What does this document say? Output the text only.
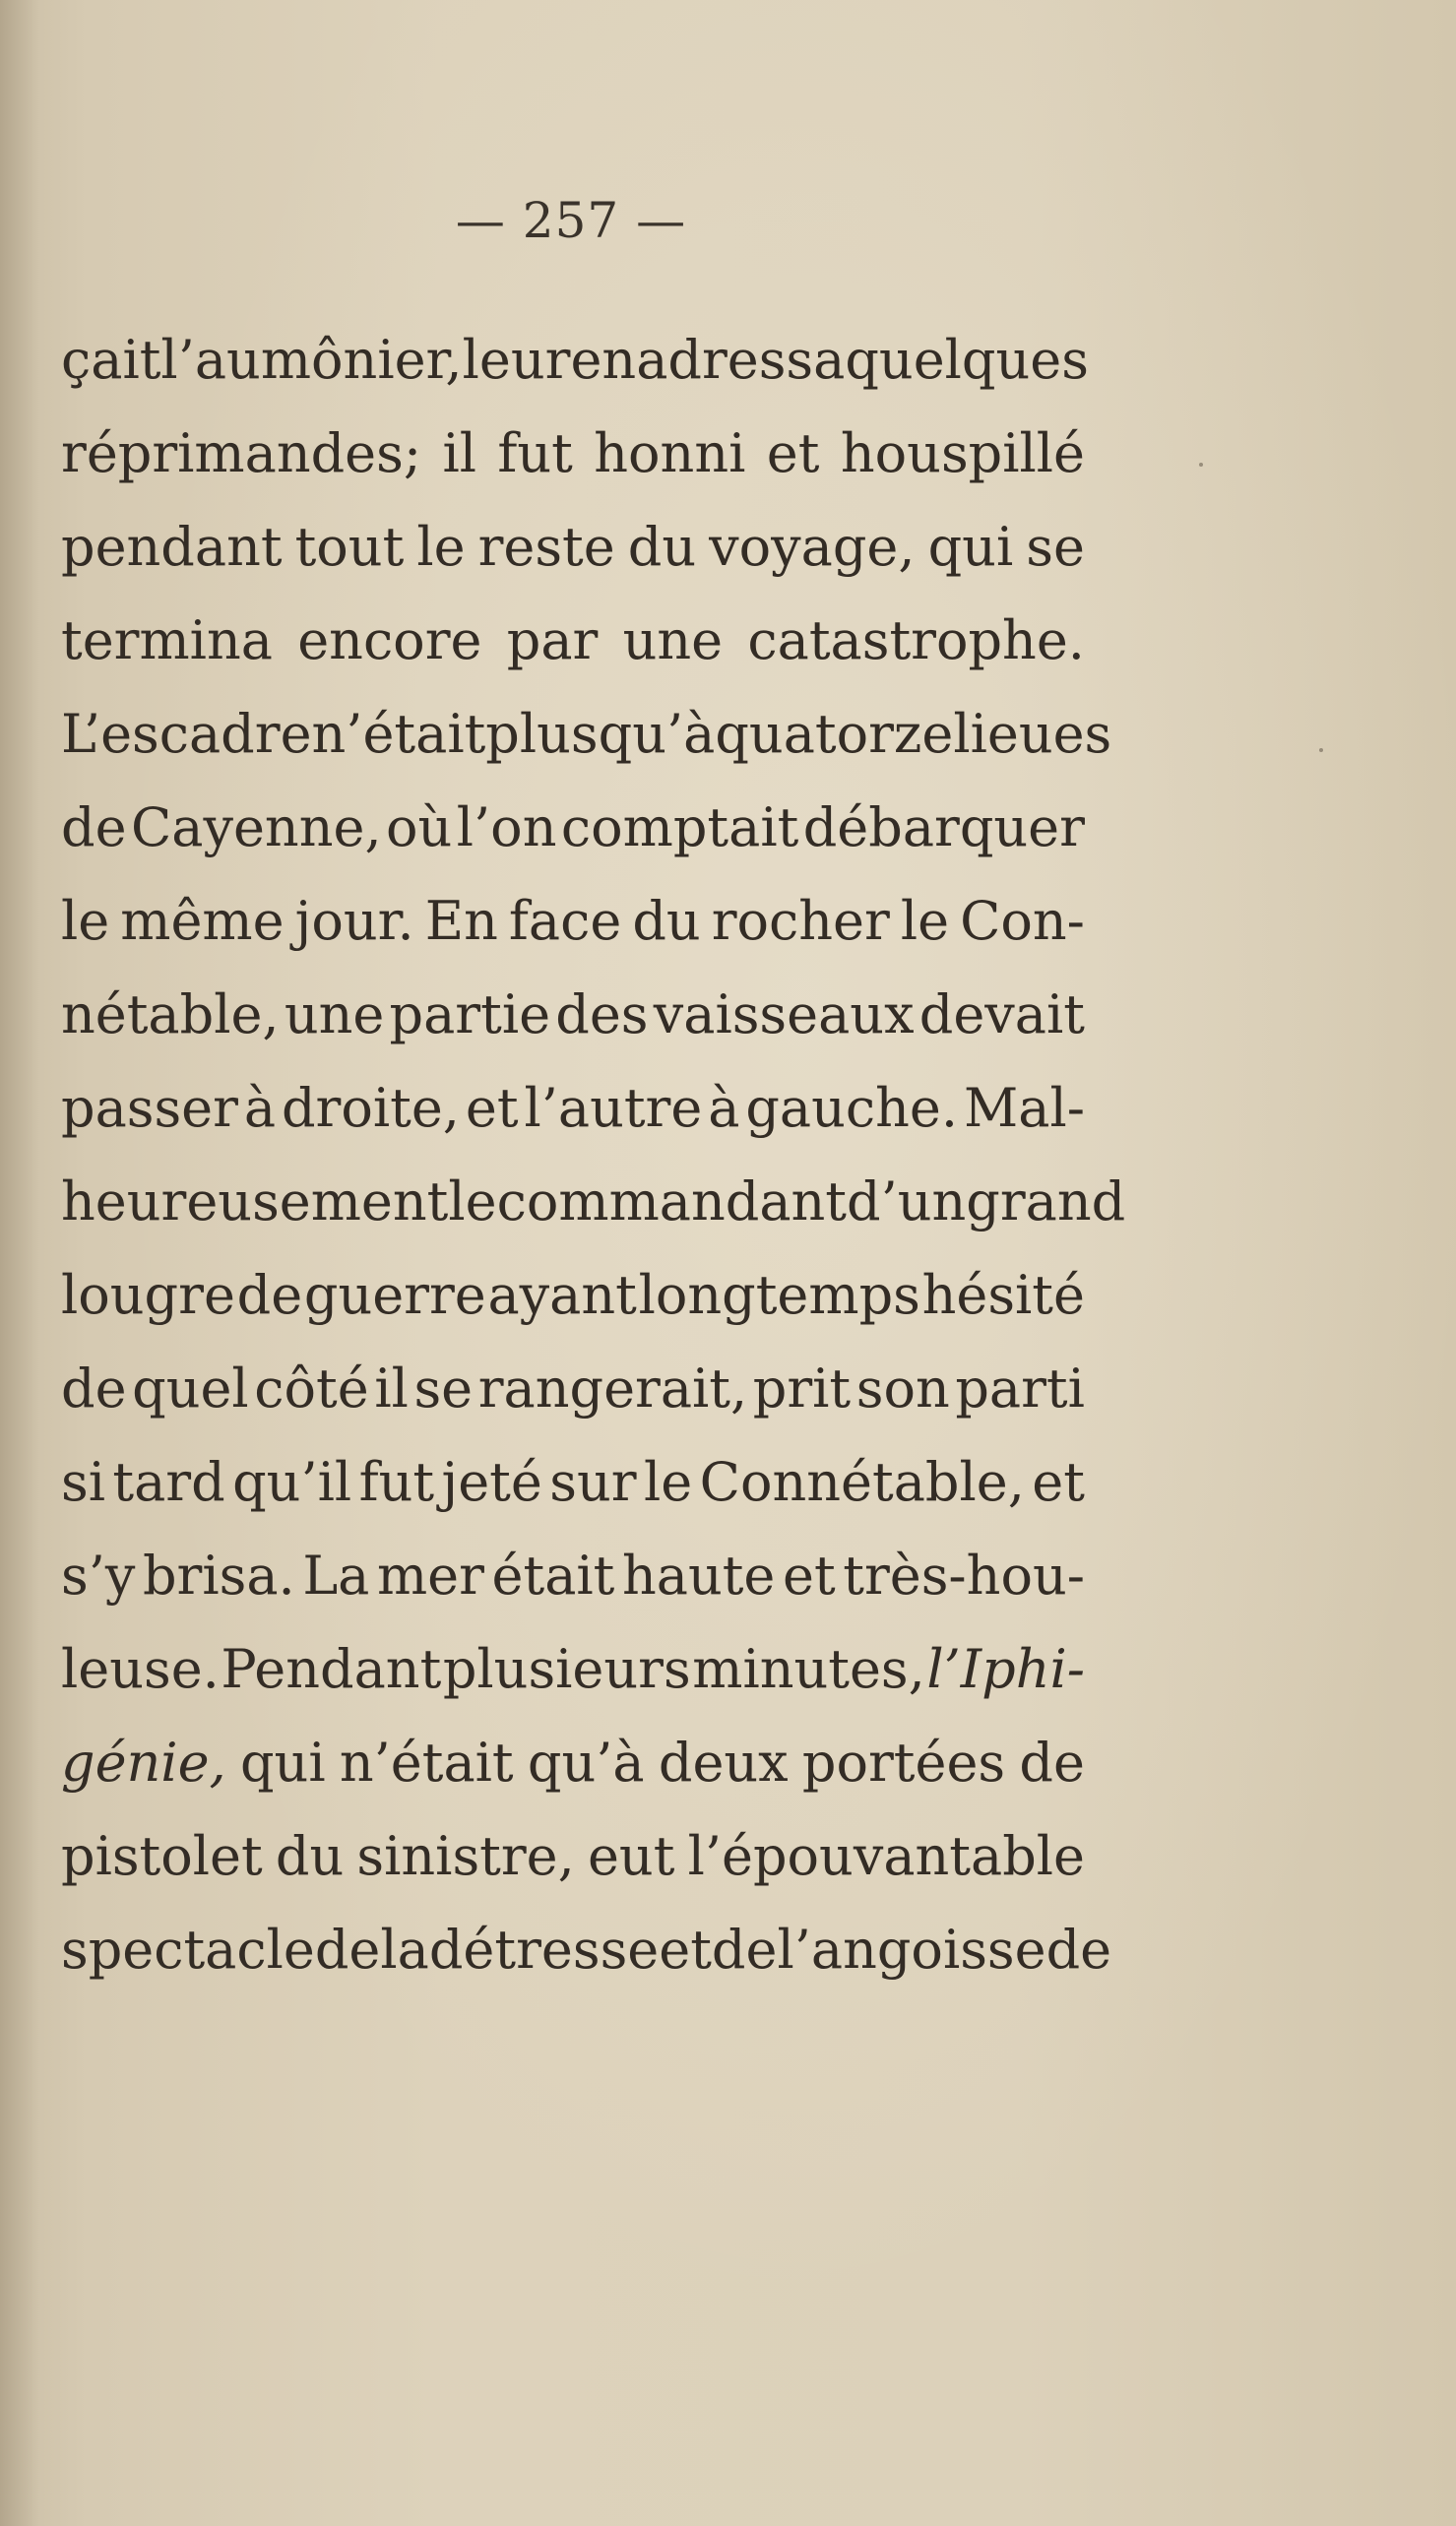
— 257 —
çait l’aumônier, leur en adressa quelques
réprimandes; il fut honni et houspillé
pendant tout le reste du voyage, qui se
termina encore par une catastrophe.
L’escadre n’était plus qu’à quatorze lieues
de Cayenne, où l’on comptait débarquer
le même jour. En face du rocher le Con-
nétable, une partie des vaisseaux devait
passer à droite, et l’autre à gauche. Mal-
heureusement le commandant d’un grand
lougre de guerre ayant longtemps hésité
de quel côté il se rangerait, prit son parti
si tard qu’il fut jeté sur le Connétable, et
s’y brisa. La mer était haute et très-hou-
leuse. Pendant plusieurs minutes, l’Iphi-
génie, qui n’était qu’à deux portées de
pistolet du sinistre, eut l’épouvantable
spectacle de la détresse et de l’angoisse de
